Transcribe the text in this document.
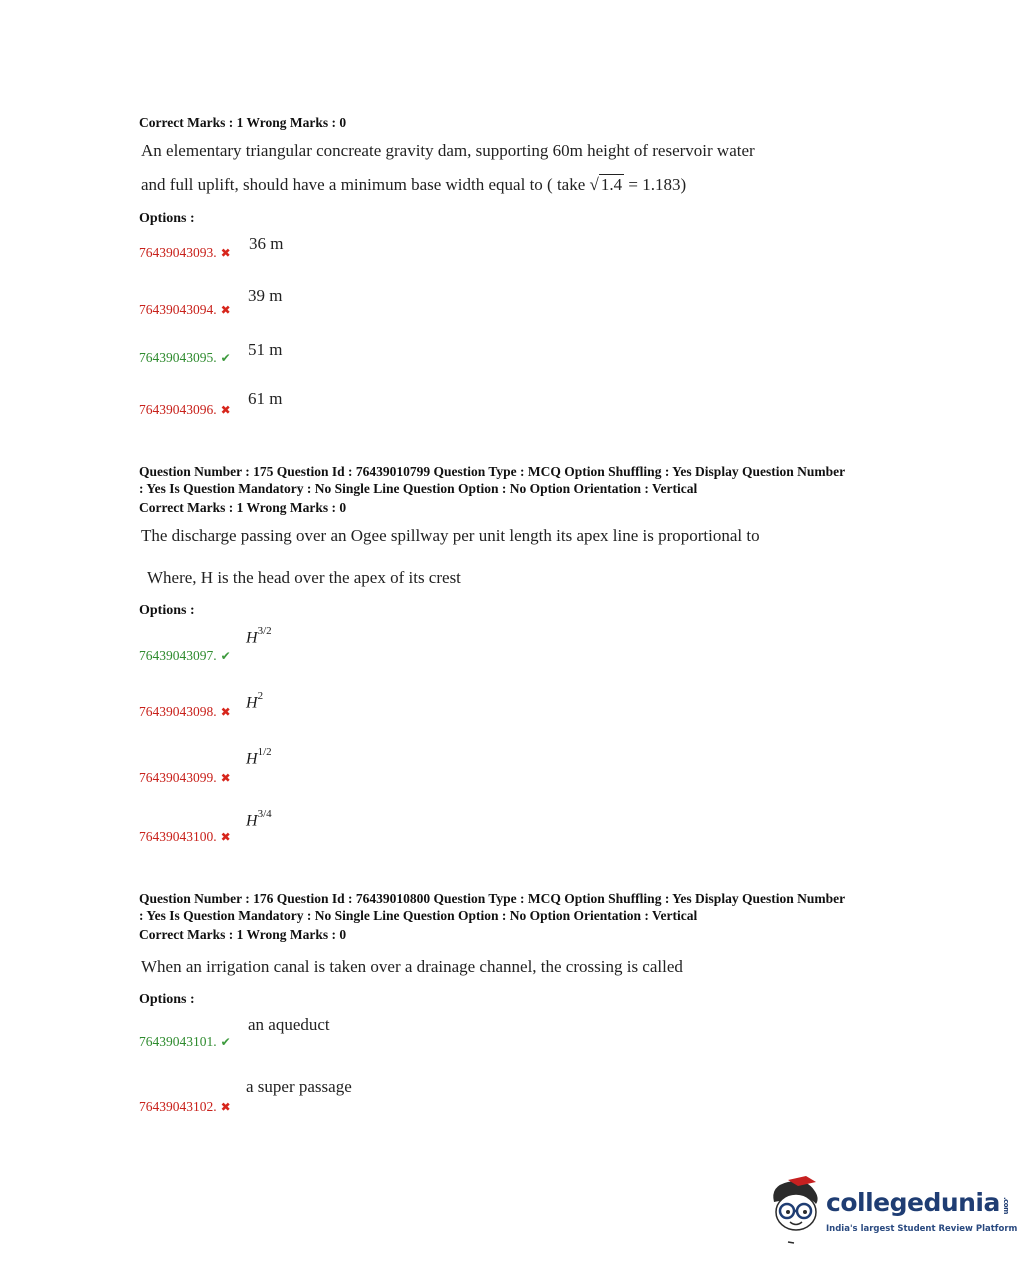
Correct Marks : 1 Wrong Marks : 0
An elementary triangular concreate gravity dam, supporting 60m height of reservoir water
and full uplift, should have a minimum base width equal to ( take √ 1.4 = 1.183)
Options :
76439043093. ✖ 36 m
76439043094. ✖
39 m
76439043095. ✔ 51 m
76439043096. ✖
61 m
Question Number : 175 Question Id : 76439010799 Question Type : MCQ Option Shuffling : Yes Display Question Number
: Yes Is Question Mandatory : No Single Line Question Option : No Option Orientation : Vertical
Correct Marks : 1 Wrong Marks : 0
The discharge passing over an Ogee spillway per unit length its apex line is proportional to
Where, H is the head over the apex of its crest
Options :
76439043097. ✔
$H^{3/2}$
76439043098. ✖
$H^2$
76439043099. ✖
$H^{1/2}$
76439043100. ✖
$H^{3/4}$
Question Number : 176 Question Id : 76439010800 Question Type : MCQ Option Shuffling : Yes Display Question Number
: Yes Is Question Mandatory : No Single Line Question Option : No Option Orientation : Vertical
Correct Marks : 1 Wrong Marks : 0
When an irrigation canal is taken over a drainage channel, the crossing is called
Options :
76439043101. ✔
an aqueduct
76439043102. ✖
a super passage
collegedunia .com
India's largest Student Review Platform
